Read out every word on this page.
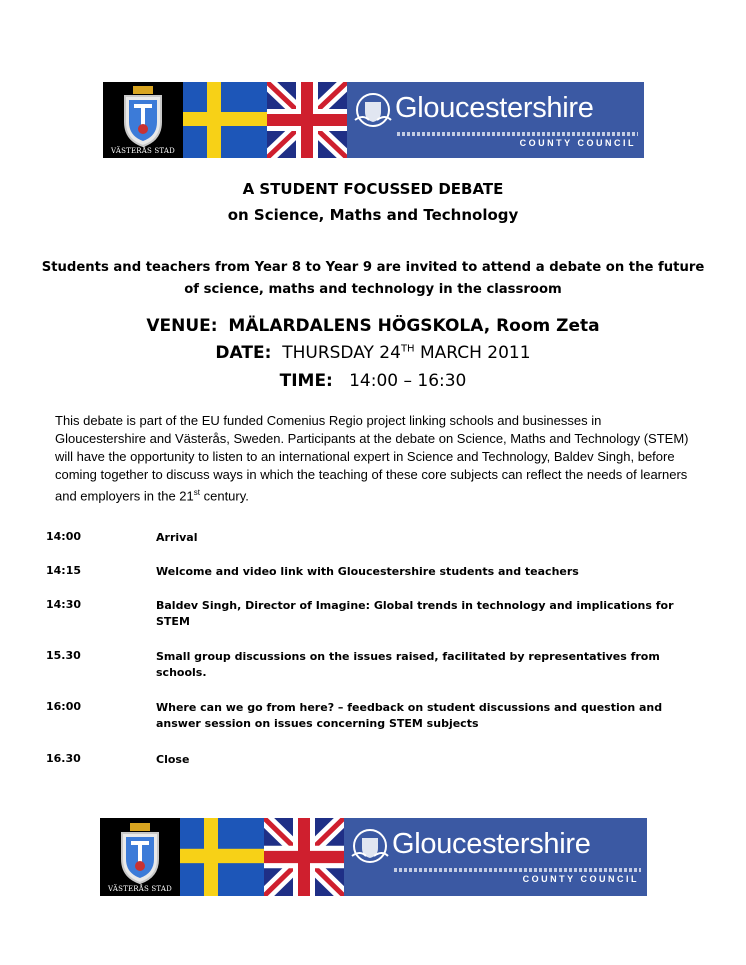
VÄSTERÅS STAD
Gloucestershire
COUNTY COUNCIL
A STUDENT FOCUSSED DEBATE
on Science, Maths and Technology
Students and teachers from Year 8 to Year 9 are invited to attend a debate on the future of science, maths and technology in the classroom
VENUE: MÄLARDALENS HÖGSKOLA, Room Zeta
DATE: THURSDAY 24TH MARCH 2011
TIME: 14:00 – 16:30
This debate is part of the EU funded Comenius Regio project linking schools and businesses in Gloucestershire and Västerås, Sweden. Participants at the debate on Science, Maths and Technology (STEM) will have the opportunity to listen to an international expert in Science and Technology, Baldev Singh, before coming together to discuss ways in which the teaching of these core subjects can reflect the needs of learners and employers in the 21st century.
14:00	Arrival
14:15	Welcome and video link with Gloucestershire students and teachers
14:30	Baldev Singh, Director of Imagine: Global trends in technology and implications for STEM
15.30	Small group discussions on the issues raised, facilitated by representatives from schools.
16:00	Where can we go from here? – feedback on student discussions and question and answer session on issues concerning STEM subjects
16.30	Close
VÄSTERÅS STAD
Gloucestershire
COUNTY COUNCIL
